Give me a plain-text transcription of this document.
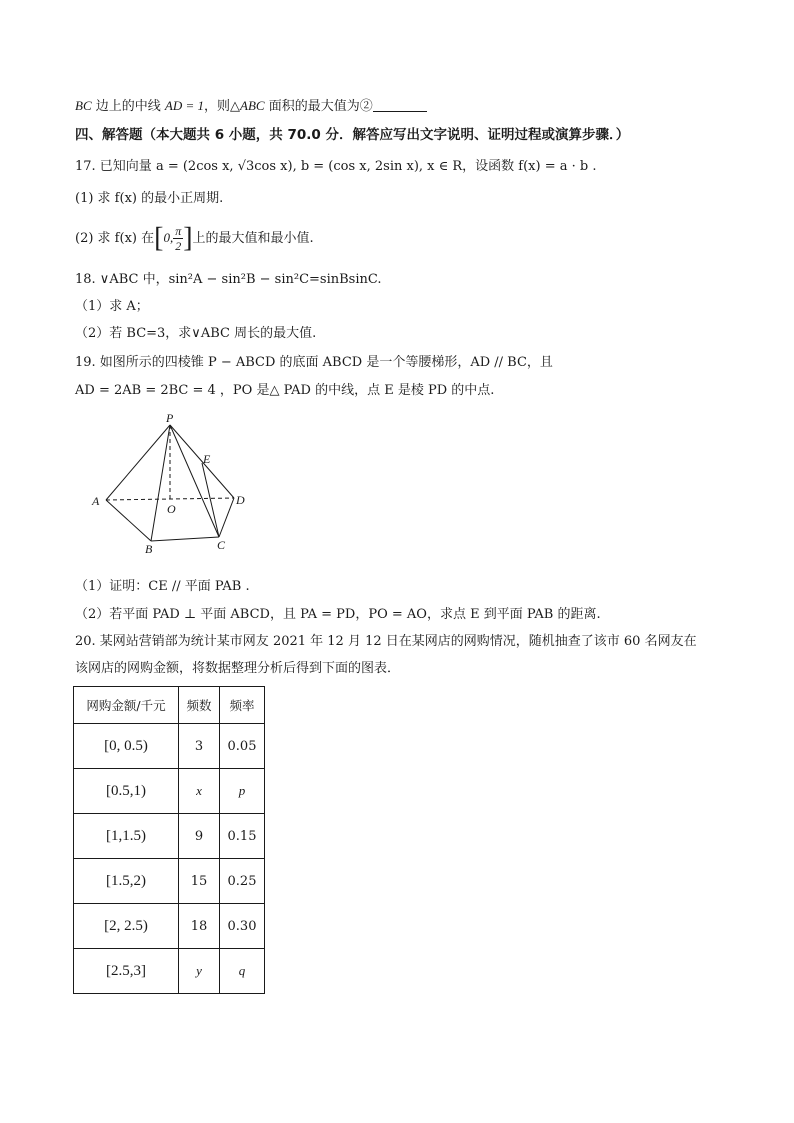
BC 边上的中线 AD = 1，则△ABC 面积的最大值为②
四、解答题（本大题共 6 小题，共 70.0 分．解答应写出文字说明、证明过程或演算步骤．）
17. 已知向量 a = (2cos x, √3cos x), b = (cos x, 2sin x), x ∈ R，设函数 f(x) = a · b .
(1) 求 f(x) 的最小正周期.
(2) 求 f(x) 在[0, $\frac{\pi}{2}$ ]上的最大值和最小值.
18. ∨ABC 中，sin²A − sin²B − sin²C=sinBsinC.
（1）求 A；
（2）若 BC=3，求∨ABC 周长的最大值.
19. 如图所示的四棱锥 P − ABCD 的底面 ABCD 是一个等腰梯形，AD // BC，且
AD = 2AB = 2BC = 4 ，PO 是△ PAD 的中线，点 E 是棱 PD 的中点.
P
E
A
O
D
B	C
（1）证明：CE // 平面 PAB .
（2）若平面 PAD ⊥ 平面 ABCD，且 PA = PD，PO = AO，求点 E 到平面 PAB 的距离.
20. 某网站营销部为统计某市网友 2021 年 12 月 12 日在某网店的网购情况，随机抽查了该市 60 名网友在
该网店的网购金额，将数据整理分析后得到下面的图表．
网购金额/千元	频数	频率
[0, 0.5)	3	0.05
[0.5,1)	x	p
[1,1.5)	9	0.15
[1.5,2)	15	0.25
[2, 2.5)	18	0.30
[2.5,3]	y	q
